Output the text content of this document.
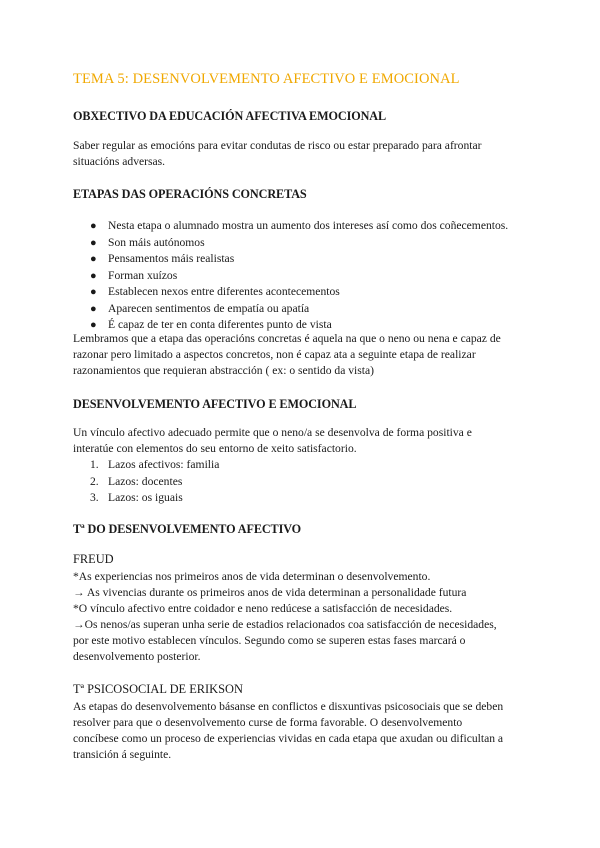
TEMA 5: DESENVOLVEMENTO AFECTIVO E EMOCIONAL
OBXECTIVO DA EDUCACIÓN AFECTIVA EMOCIONAL
Saber regular as emocións para evitar condutas de risco ou estar preparado para afrontar
situacións adversas.
ETAPAS DAS OPERACIÓNS CONCRETAS
● Nesta etapa o alumnado mostra un aumento dos intereses así como dos coñecementos.
● Son máis autónomos
● Pensamentos máis realistas
● Forman xuízos
● Establecen nexos entre diferentes acontecementos
● Aparecen sentimentos de empatía ou apatía
● É capaz de ter en conta diferentes punto de vista
Lembramos que a etapa das operacións concretas é aquela na que o neno ou nena e capaz de
razonar pero limitado a aspectos concretos, non é capaz ata a seguinte etapa de realizar
razonamientos que requieran abstracción ( ex: o sentido da vista)
DESENVOLVEMENTO AFECTIVO E EMOCIONAL
Un vínculo afectivo adecuado permite que o neno/a se desenvolva de forma positiva e
interatúe con elementos do seu entorno de xeito satisfactorio.
1. Lazos afectivos: familia
2. Lazos: docentes
3. Lazos: os iguais
Tª DO DESENVOLVEMENTO AFECTIVO
FREUD
*As experiencias nos primeiros anos de vida determinan o desenvolvemento.
→ As vivencias durante os primeiros anos de vida determinan a personalidade futura
*O vínculo afectivo entre coidador e neno redúcese a satisfacción de necesidades.
→Os nenos/as superan unha serie de estadios relacionados coa satisfacción de necesidades,
por este motivo establecen vínculos. Segundo como se superen estas fases marcará o
desenvolvemento posterior.
Tª PSICOSOCIAL DE ERIKSON
As etapas do desenvolvemento básanse en conflictos e disxuntivas psicosociais que se deben
resolver para que o desenvolvemento curse de forma favorable. O desenvolvemento
concíbese como un proceso de experiencias vividas en cada etapa que axudan ou dificultan a
transición á seguinte.
